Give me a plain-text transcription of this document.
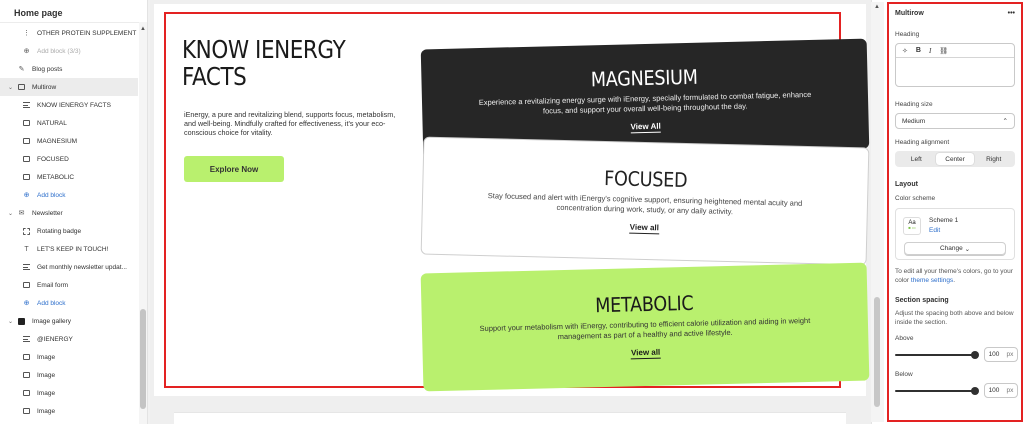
Home page
⋮ OTHER PROTEIN SUPPLEMENT
⊕ Add block (3/3)
✎ Blog posts
⌄	Multirow
KNOW IENERGY FACTS
NATURAL
MAGNESIUM
FOCUSED
METABOLIC
⊕ Add block
⌄ ✉ Newsletter
Rotating badge
T	LET'S KEEP IN TOUCH!
Get monthly newsletter updat...
Email form
⊕ Add block
⌄	Image gallery
@IENERGY
Image
Image
Image
Image
▲
KNOW IENERGY FACTS
iEnergy, a pure and revitalizing blend, supports focus, metabolism, and well-being. Mindfully crafted for effectiveness, it's your eco-conscious choice for vitality.
Explore Now
MAGNESIUM

Experience a revitalizing energy surge with iEnergy, specially formulated to combat fatigue, enhance focus, and support your overall well-being throughout the day.

View All
FOCUSED

Stay focused and alert with iEnergy's cognitive support, ensuring heightened mental acuity and concentration during work, study, or any daily activity.

View all
METABOLIC

Support your metabolism with iEnergy, contributing to efficient calorie utilization and aiding in weight management as part of a healthy and active lifestyle.

View all
▲
Multirow	•••
Heading
✧ B I ⛓
Heading size
Medium	⌃
Heading alignment
Left	Center	Right
Layout
Color scheme
Aa
■ ▭
Scheme 1
Edit
Change
⌄
To edit all your theme's colors, go to your color theme settings.
Section spacing
Adjust the spacing both above and below inside the section.
Above
100 px
Below
100 px
